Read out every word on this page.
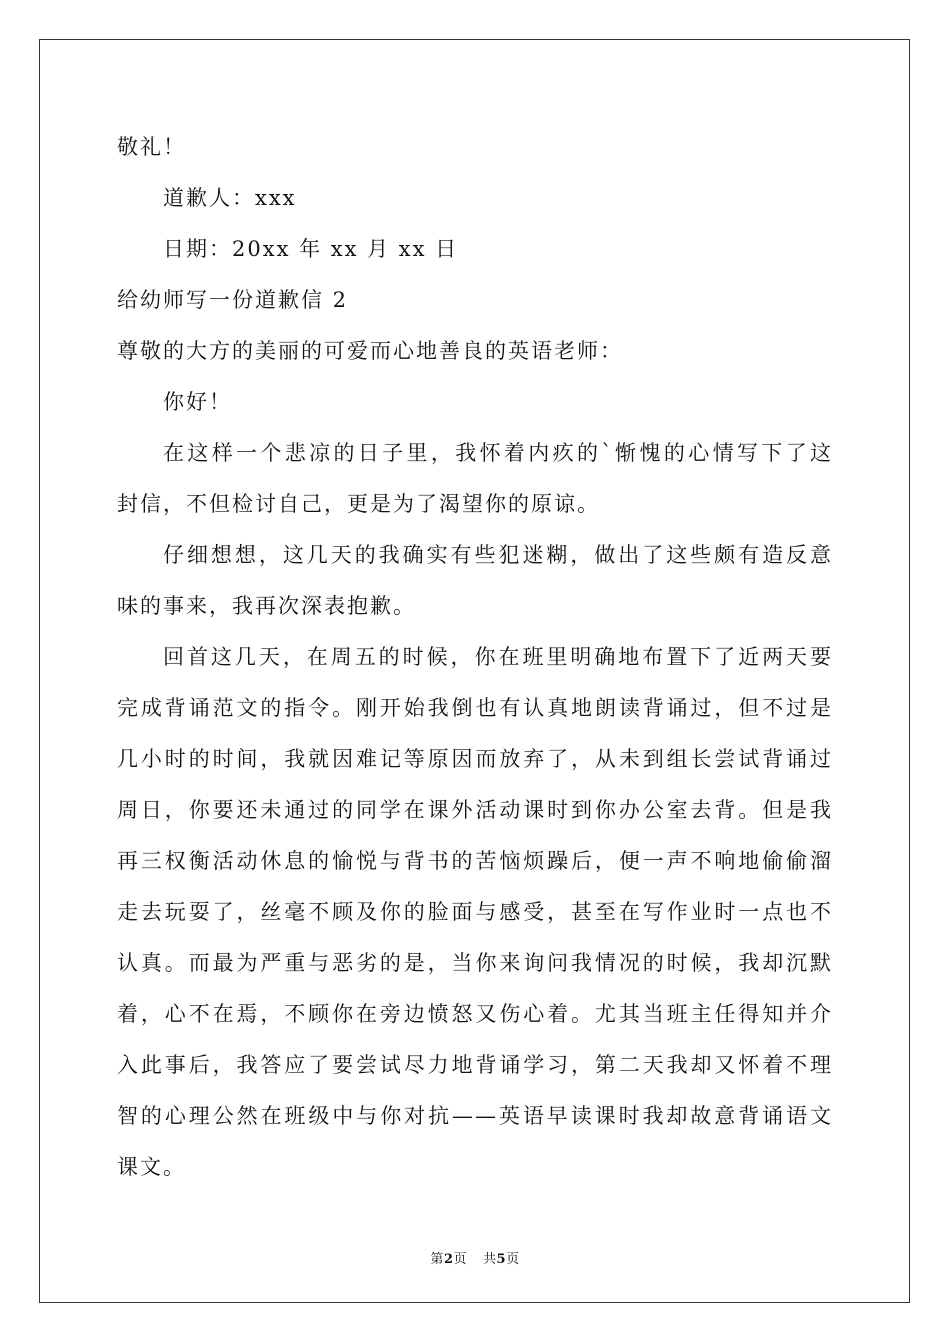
敬礼！

道歉人：xxx

日期：20xx 年 xx 月 xx 日

给幼师写一份道歉信 2

尊敬的大方的美丽的可爱而心地善良的英语老师：

你好！

在这样一个悲凉的日子里，我怀着内疚的`惭愧的心情写下了这

封信，不但检讨自己，更是为了渴望你的原谅。

仔细想想，这几天的我确实有些犯迷糊，做出了这些颇有造反意

味的事来，我再次深表抱歉。

回首这几天，在周五的时候，你在班里明确地布置下了近两天要

完成背诵范文的指令。刚开始我倒也有认真地朗读背诵过，但不过是

几小时的时间，我就因难记等原因而放弃了，从未到组长尝试背诵过

周日，你要还未通过的同学在课外活动课时到你办公室去背。但是我

再三权衡活动休息的愉悦与背书的苦恼烦躁后，便一声不响地偷偷溜

走去玩耍了，丝毫不顾及你的脸面与感受，甚至在写作业时一点也不

认真。而最为严重与恶劣的是，当你来询问我情况的时候，我却沉默

着，心不在焉，不顾你在旁边愤怒又伤心着。尤其当班主任得知并介

入此事后，我答应了要尝试尽力地背诵学习，第二天我却又怀着不理

智的心理公然在班级中与你对抗——英语早读课时我却故意背诵语文

课文。

第2页 共5页
